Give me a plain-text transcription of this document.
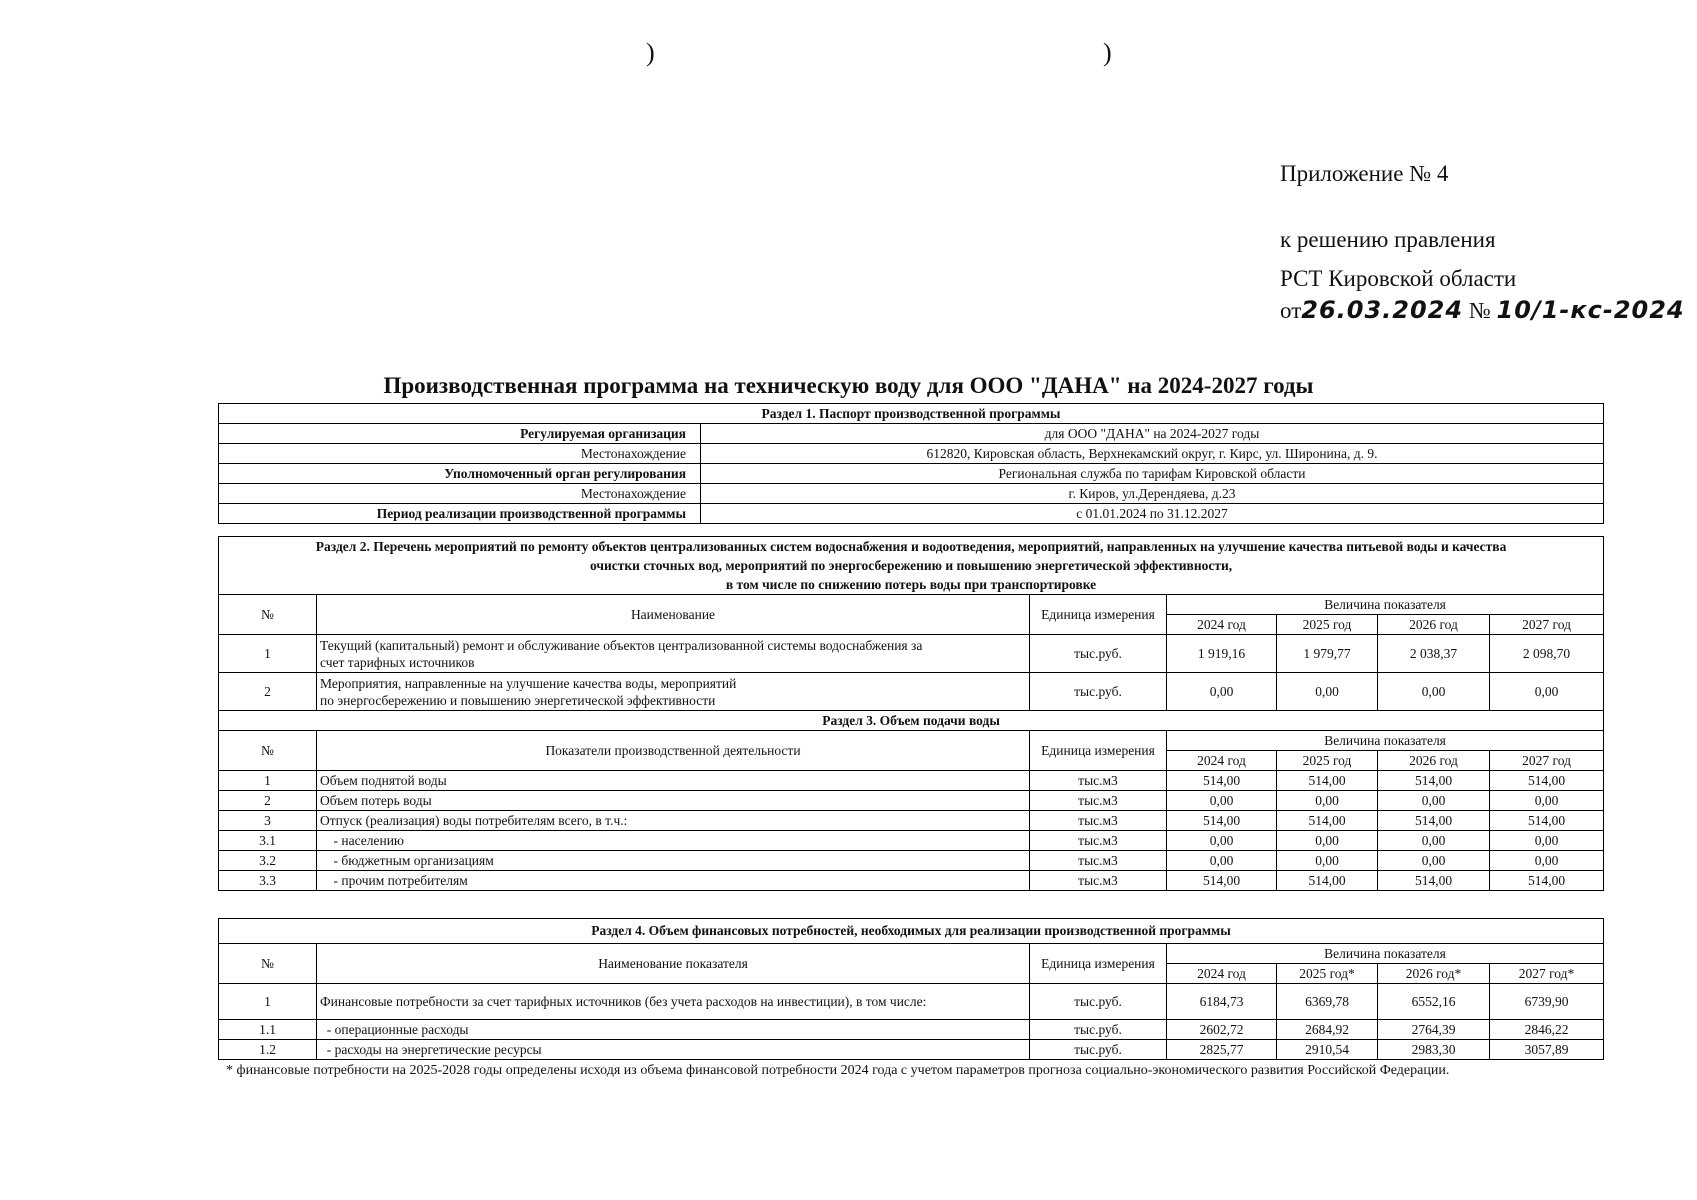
)	)
Приложение № 4
к решению правления
РСТ Кировской области
от26.03.2024 № 10/1-кс-2024
Производственная программа на техническую воду для ООО "ДАНА" на 2024-2027 годы
Раздел 1. Паспорт производственной программы	
Регулируемая организация	для ООО "ДАНА" на 2024-2027 годы
Местонахождение	612820, Кировская область, Верхнекамский округ, г. Кирс, ул. Широнина, д. 9.
Уполномоченный орган регулирования	Региональная служба по тарифам Кировской области
Местонахождение	г. Киров, ул.Дерендяева, д.23
Период реализации производственной программы	с 01.01.2024 по 31.12.2027
Раздел 2. Перечень мероприятий по ремонту объектов централизованных систем водоснабжения и водоотведения, мероприятий, направленных на улучшение качества питьевой воды и качества
очистки сточных вод, мероприятий по энергосбережению и повышению энергетической эффективности,
в том числе по снижению потерь воды при транспортировке						

№	Наименование	Единица измерения	Величина показателя			
			2024 год	2025 год	2026 год	2027 год
1	Текущий (капитальный) ремонт и обслуживание объектов централизованной системы водоснабжения за
счет тарифных источников	тыс.руб.	1 919,16	1 979,77	2 038,37	2 098,70
2	Мероприятия, направленные на улучшение качества воды, мероприятий
по энергосбережению и повышению энергетической эффективности	тыс.руб.	0,00	0,00	0,00	0,00
Раздел 3. Объем подачи воды						
№	Показатели производственной деятельности	Единица измерения	Величина показателя			
			2024 год	2025 год	2026 год	2027 год
1	Объем поднятой воды	тыс.м3	514,00	514,00	514,00	514,00
2	Объем потерь воды	тыс.м3	0,00	0,00	0,00	0,00
3	Отпуск (реализация) воды потребителям всего, в т.ч.:	тыс.м3	514,00	514,00	514,00	514,00
3.1	- населению	тыс.м3	0,00	0,00	0,00	0,00
3.2	- бюджетным организациям	тыс.м3	0,00	0,00	0,00	0,00
3.3	- прочим потребителям	тыс.м3	514,00	514,00	514,00	514,00
Раздел 4. Объем финансовых потребностей, необходимых для реализации производственной программы						
№	Наименование показателя	Единица измерения	Величина показателя			
			2024 год	2025 год*	2026 год*	2027 год*
1	Финансовые потребности за счет тарифных источников (без учета расходов на инвестиции), в том числе:	тыс.руб.	6184,73	6369,78	6552,16	6739,90
1.1	- операционные расходы	тыс.руб.	2602,72	2684,92	2764,39	2846,22
1.2	- расходы на энергетические ресурсы	тыс.руб.	2825,77	2910,54	2983,30	3057,89
* финансовые потребности на 2025-2028 годы определены исходя из объема финансовой потребности 2024 года с учетом параметров прогноза социально-экономического развития Российской Федерации.
